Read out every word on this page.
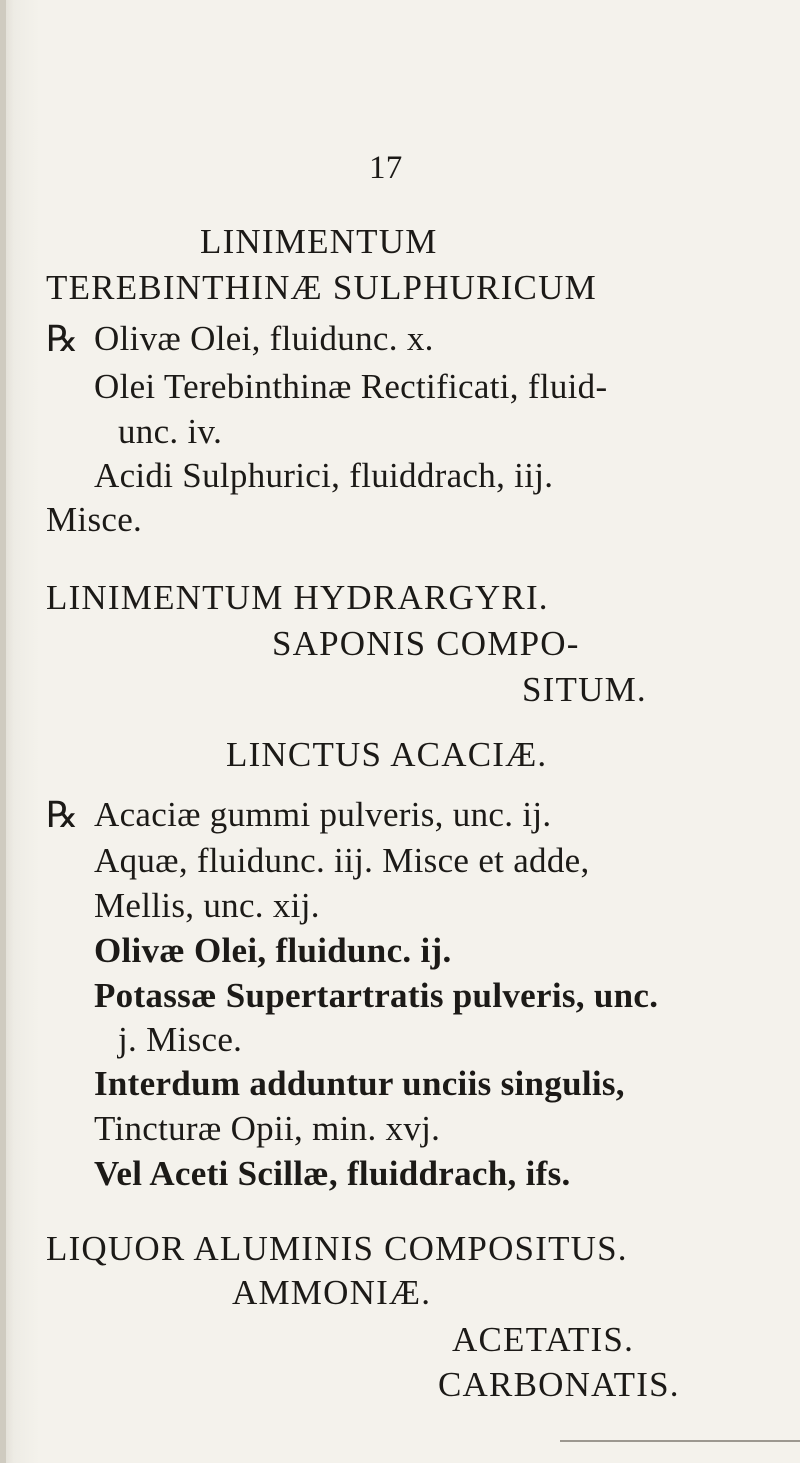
17
LINIMENTUM
TEREBINTHINÆ SULPHURICUM
℞ Olivæ Olei, fluidunc. x.
Olei Terebinthinæ Rectificati, fluid-
unc. iv.
Acidi Sulphurici, fluiddrach, iij.
Misce.
LINIMENTUM HYDRARGYRI.
SAPONIS COMPO-
SITUM.
LINCTUS ACACIÆ.
℞ Acaciæ gummi pulveris, unc. ij.
Aquæ, fluidunc. iij. Misce et adde,
Mellis, unc. xij.
Olivæ Olei, fluidunc. ij.
Potassæ Supertartratis pulveris, unc.
j. Misce.
Interdum adduntur unciis singulis,
Tincturæ Opii, min. xvj.
Vel Aceti Scillæ, fluiddrach, ifs.
LIQUOR ALUMINIS COMPOSITUS.
AMMONIÆ.
ACETATIS.
CARBONATIS.
